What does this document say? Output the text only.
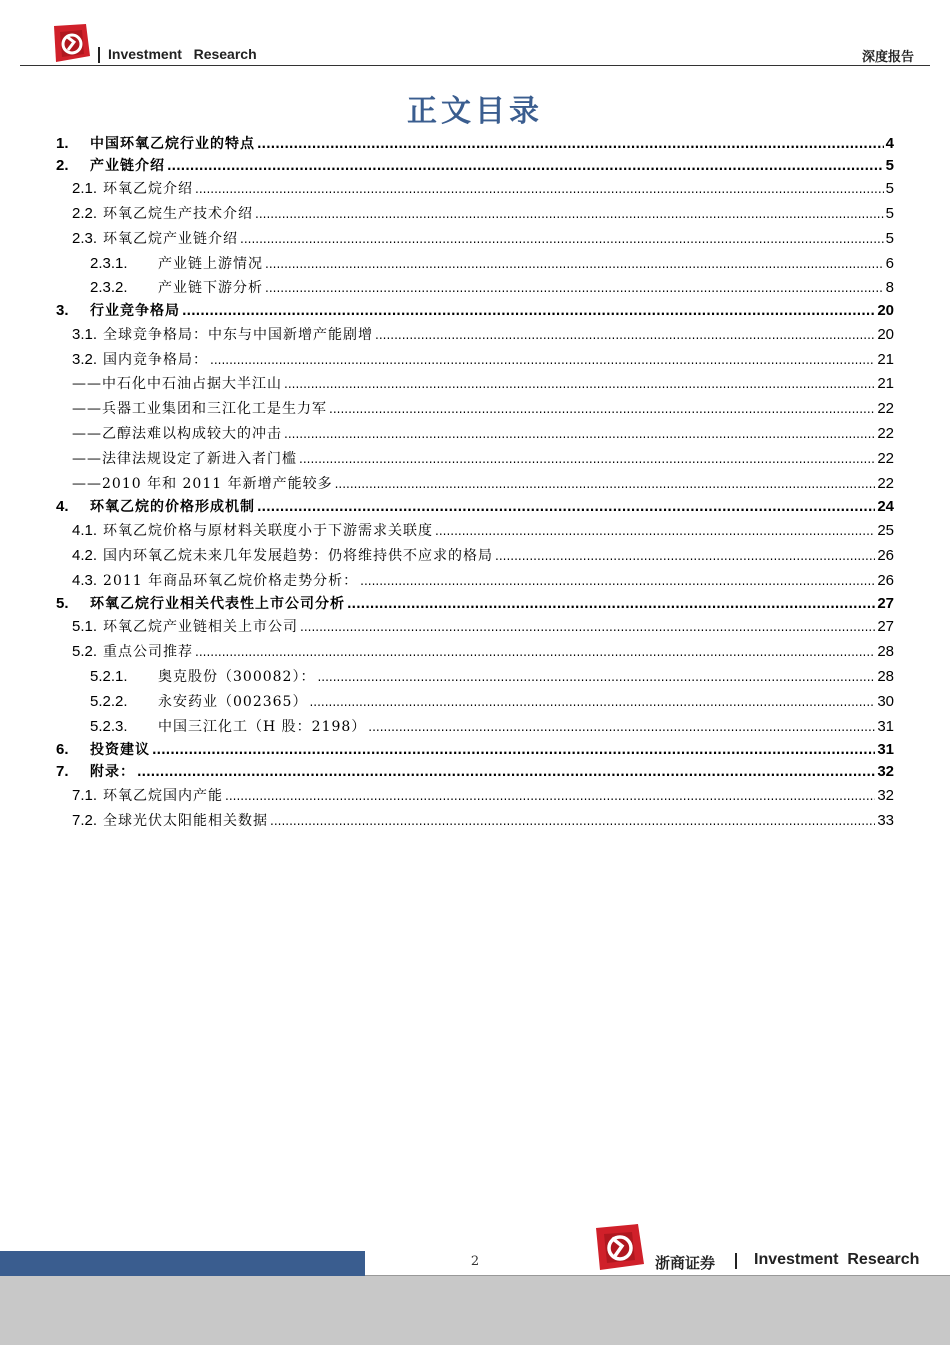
Investment   Research	深度报告
正文目录
1.	中国环氧乙烷行业的特点 .....	4
2.	产业链介绍 .....	5
2.1. 环氧乙烷介绍 .....	5
2.2. 环氧乙烷生产技术介绍 .....	5
2.3. 环氧乙烷产业链介绍 .....	5
2.3.1.	产业链上游情况 .....	6
2.3.2.	产业链下游分析 .....	8
3.	行业竞争格局 .....	20
3.1. 全球竞争格局：中东与中国新增产能剧增 .....	20
3.2. 国内竞争格局： .....	21
——中石化中石油占据大半江山 .....	21
——兵器工业集团和三江化工是生力军 .....	22
——乙醇法难以构成较大的冲击 .....	22
——法律法规设定了新进入者门槛 .....	22
——2010 年和 2011 年新增产能较多 .....	22
4.	环氧乙烷的价格形成机制 .....	24
4.1. 环氧乙烷价格与原材料关联度小于下游需求关联度 .....	25
4.2. 国内环氧乙烷未来几年发展趋势：仍将维持供不应求的格局 .....	26
4.3. 2011 年商品环氧乙烷价格走势分析： .....	26
5.	环氧乙烷行业相关代表性上市公司分析 .....	27
5.1. 环氧乙烷产业链相关上市公司 .....	27
5.2. 重点公司推荐 .....	28
5.2.1.	奥克股份（300082）： .....	28
5.2.2.	永安药业（002365） .....	30
5.2.3.	中国三江化工（H 股：2198） .....	31
6.	投资建议 .....	31
7.	附录： .....	32
7.1. 环氧乙烷国内产能 .....	32
7.2. 全球光伏太阳能相关数据 .....	33
2	浙商证券 Investment  Research
